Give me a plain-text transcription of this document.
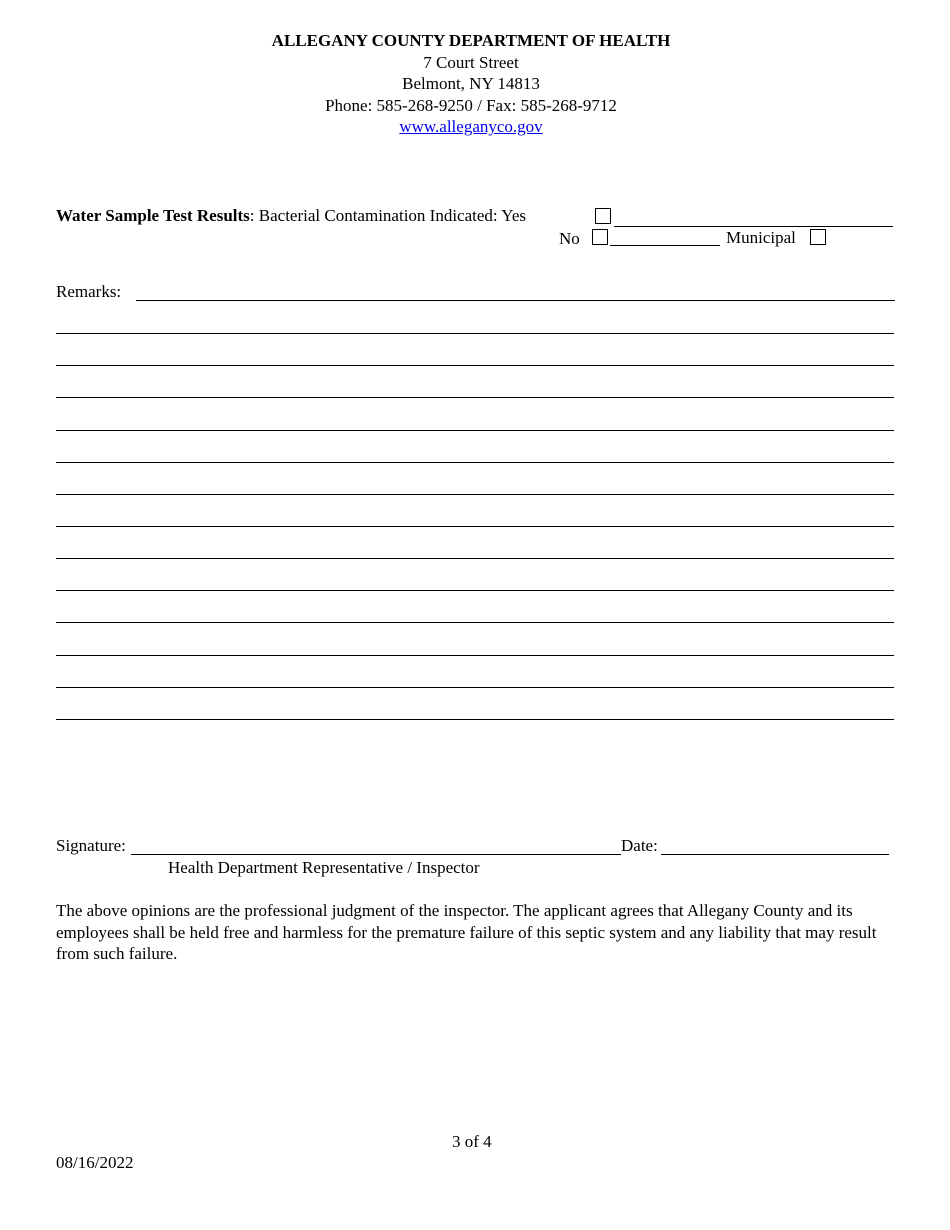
ALLEGANY COUNTY DEPARTMENT OF HEALTH
7 Court Street
Belmont, NY 14813
Phone: 585-268-9250 / Fax: 585-268-9712
www.alleganyco.gov
Water Sample Test Results: Bacterial Contamination Indicated: Yes
No	Municipal
Remarks:
Signature:	Date:
Health Department Representative / Inspector
The above opinions are the professional judgment of the inspector. The applicant agrees that Allegany County and its employees shall be held free and harmless for the premature failure of this septic system and any liability that may result from such failure.
3 of 4
08/16/2022
